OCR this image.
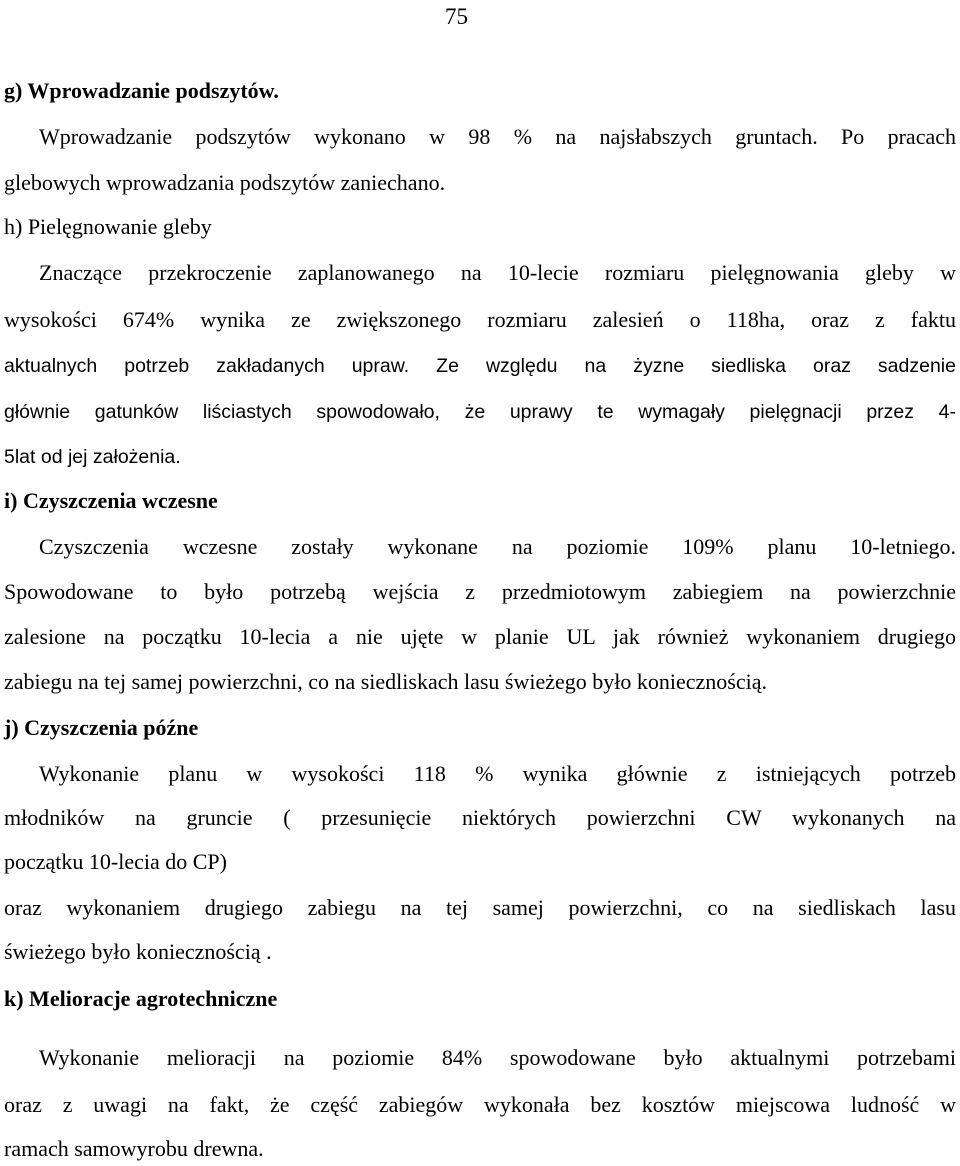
75
g) Wprowadzanie podszytów.
Wprowadzanie podszytów wykonano w 98 % na najsłabszych gruntach. Po pracach
glebowych wprowadzania podszytów zaniechano.
h) Pielęgnowanie gleby
Znaczące przekroczenie zaplanowanego na 10-lecie rozmiaru pielęgnowania gleby w
wysokości 674% wynika ze zwiększonego rozmiaru zalesień o 118ha, oraz z faktu
aktualnych potrzeb zakładanych upraw. Ze względu na żyzne siedliska oraz sadzenie
głównie gatunków liściastych spowodowało, że uprawy te wymagały pielęgnacji przez 4-
5lat od jej założenia.
i) Czyszczenia wczesne
Czyszczenia wczesne zostały wykonane na poziomie 109% planu 10-letniego.
Spowodowane to było potrzebą wejścia z przedmiotowym zabiegiem na powierzchnie
zalesione na początku 10-lecia a nie ujęte w planie UL jak również wykonaniem drugiego
zabiegu na tej samej powierzchni, co na siedliskach lasu świeżego było koniecznością.
j) Czyszczenia późne
Wykonanie planu w wysokości 118 % wynika głównie z istniejących potrzeb
młodników na gruncie ( przesunięcie niektórych powierzchni CW wykonanych na
początku 10-lecia do CP)
oraz wykonaniem drugiego zabiegu na tej samej powierzchni, co na siedliskach lasu
świeżego było koniecznością .
k) Melioracje agrotechniczne
Wykonanie melioracji na poziomie 84% spowodowane było aktualnymi potrzebami
oraz z uwagi na fakt, że część zabiegów wykonała bez kosztów miejscowa ludność w
ramach samowyrobu drewna.
